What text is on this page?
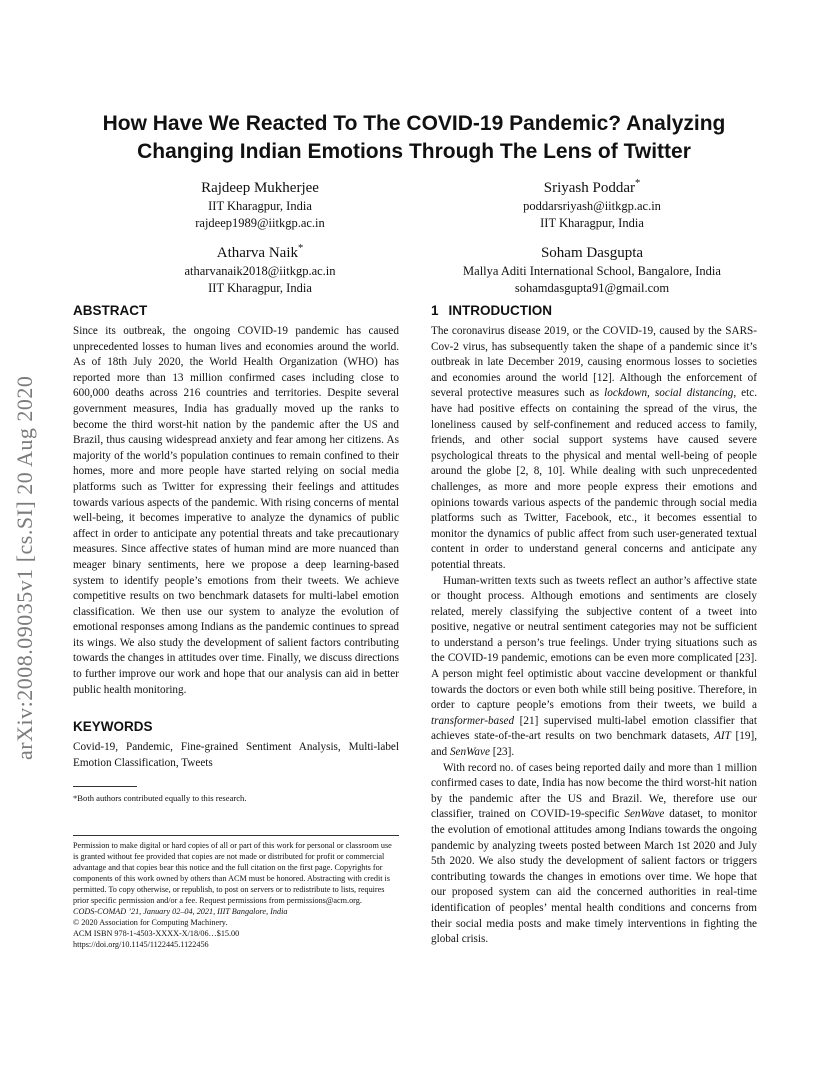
arXiv:2008.09035v1 [cs.SI] 20 Aug 2020
How Have We Reacted To The COVID-19 Pandemic? Analyzing
Changing Indian Emotions Through The Lens of Twitter
Rajdeep Mukherjee
IIT Kharagpur, India
rajdeep1989@iitkgp.ac.in
Sriyash Poddar*
poddarsriyash@iitkgp.ac.in
IIT Kharagpur, India
Atharva Naik*
atharvanaik2018@iitkgp.ac.in
IIT Kharagpur, India
Soham Dasgupta
Mallya Aditi International School, Bangalore, India
sohamdasgupta91@gmail.com
ABSTRACT

Since its outbreak, the ongoing COVID-19 pandemic has caused unprecedented losses to human lives and economies around the world. As of 18th July 2020, the World Health Organization (WHO) has reported more than 13 million confirmed cases including close to 600,000 deaths across 216 countries and territories. Despite several government measures, India has gradually moved up the ranks to become the third worst-hit nation by the pandemic after the US and Brazil, thus causing widespread anxiety and fear among her citizens. As majority of the world’s population continues to remain confined to their homes, more and more people have started relying on social media platforms such as Twitter for expressing their feelings and attitudes towards various aspects of the pandemic. With rising concerns of mental well-being, it becomes imperative to analyze the dynamics of public affect in order to anticipate any potential threats and take precautionary measures. Since affective states of human mind are more nuanced than meager binary sentiments, here we propose a deep learning-based system to identify people’s emotions from their tweets. We achieve competitive results on two benchmark datasets for multi-label emotion classification. We then use our system to analyze the evolution of emotional responses among Indians as the pandemic continues to spread its wings. We also study the development of salient factors contributing towards the changes in attitudes over time. Finally, we discuss directions to further improve our work and hope that our analysis can aid in better public health monitoring.

KEYWORDS

Covid-19, Pandemic, Fine-grained Sentiment Analysis, Multi-label Emotion Classification, Tweets

*Both authors contributed equally to this research.

Permission to make digital or hard copies of all or part of this work for personal or classroom use is granted without fee provided that copies are not made or distributed for profit or commercial advantage and that copies bear this notice and the full citation on the first page. Copyrights for components of this work owned by others than ACM must be honored. Abstracting with credit is permitted. To copy otherwise, or republish, to post on servers or to redistribute to lists, requires prior specific permission and/or a fee. Request permissions from permissions@acm.org.

CODS-COMAD ’21, January 02–04, 2021, IIIT Bangalore, India

© 2020 Association for Computing Machinery.

ACM ISBN 978-1-4503-XXXX-X/18/06…$15.00

https://doi.org/10.1145/1122445.1122456

1 INTRODUCTION

The coronavirus disease 2019, or the COVID-19, caused by the SARS-Cov-2 virus, has subsequently taken the shape of a pandemic since it’s outbreak in late December 2019, causing enormous losses to societies and economies around the world [12]. Although the enforcement of several protective measures such as lockdown, social distancing, etc. have had positive effects on containing the spread of the virus, the loneliness caused by self-confinement and reduced access to family, friends, and other social support systems have caused severe psychological threats to the physical and mental well-being of people around the globe [2, 8, 10]. While dealing with such unprecedented challenges, as more and more people express their emotions and opinions towards various aspects of the pandemic through social media platforms such as Twitter, Facebook, etc., it becomes essential to monitor the dynamics of public affect from such user-generated textual content in order to understand general concerns and anticipate any potential threats.

Human-written texts such as tweets reflect an author’s affective state or thought process. Although emotions and sentiments are closely related, merely classifying the subjective content of a tweet into positive, negative or neutral sentiment categories may not be sufficient to understand a person’s true feelings. Under trying situations such as the COVID-19 pandemic, emotions can be even more complicated [23]. A person might feel optimistic about vaccine development or thankful towards the doctors or even both while still being positive. Therefore, in order to capture people’s emotions from their tweets, we build a transformer-based [21] supervised multi-label emotion classifier that achieves state-of-the-art results on two benchmark datasets, AIT [19], and SenWave [23].

With record no. of cases being reported daily and more than 1 million confirmed cases to date, India has now become the third worst-hit nation by the pandemic after the US and Brazil. We, therefore use our classifier, trained on COVID-19-specific SenWave dataset, to monitor the evolution of emotional attitudes among Indians towards the ongoing pandemic by analyzing tweets posted between March 1st 2020 and July 5th 2020. We also study the development of salient factors or triggers contributing towards the changes in emotions over time. We hope that our proposed system can aid the concerned authorities in real-time identification of peoples’ mental health conditions and concerns from their social media posts and make timely interventions in fighting the global crisis.
